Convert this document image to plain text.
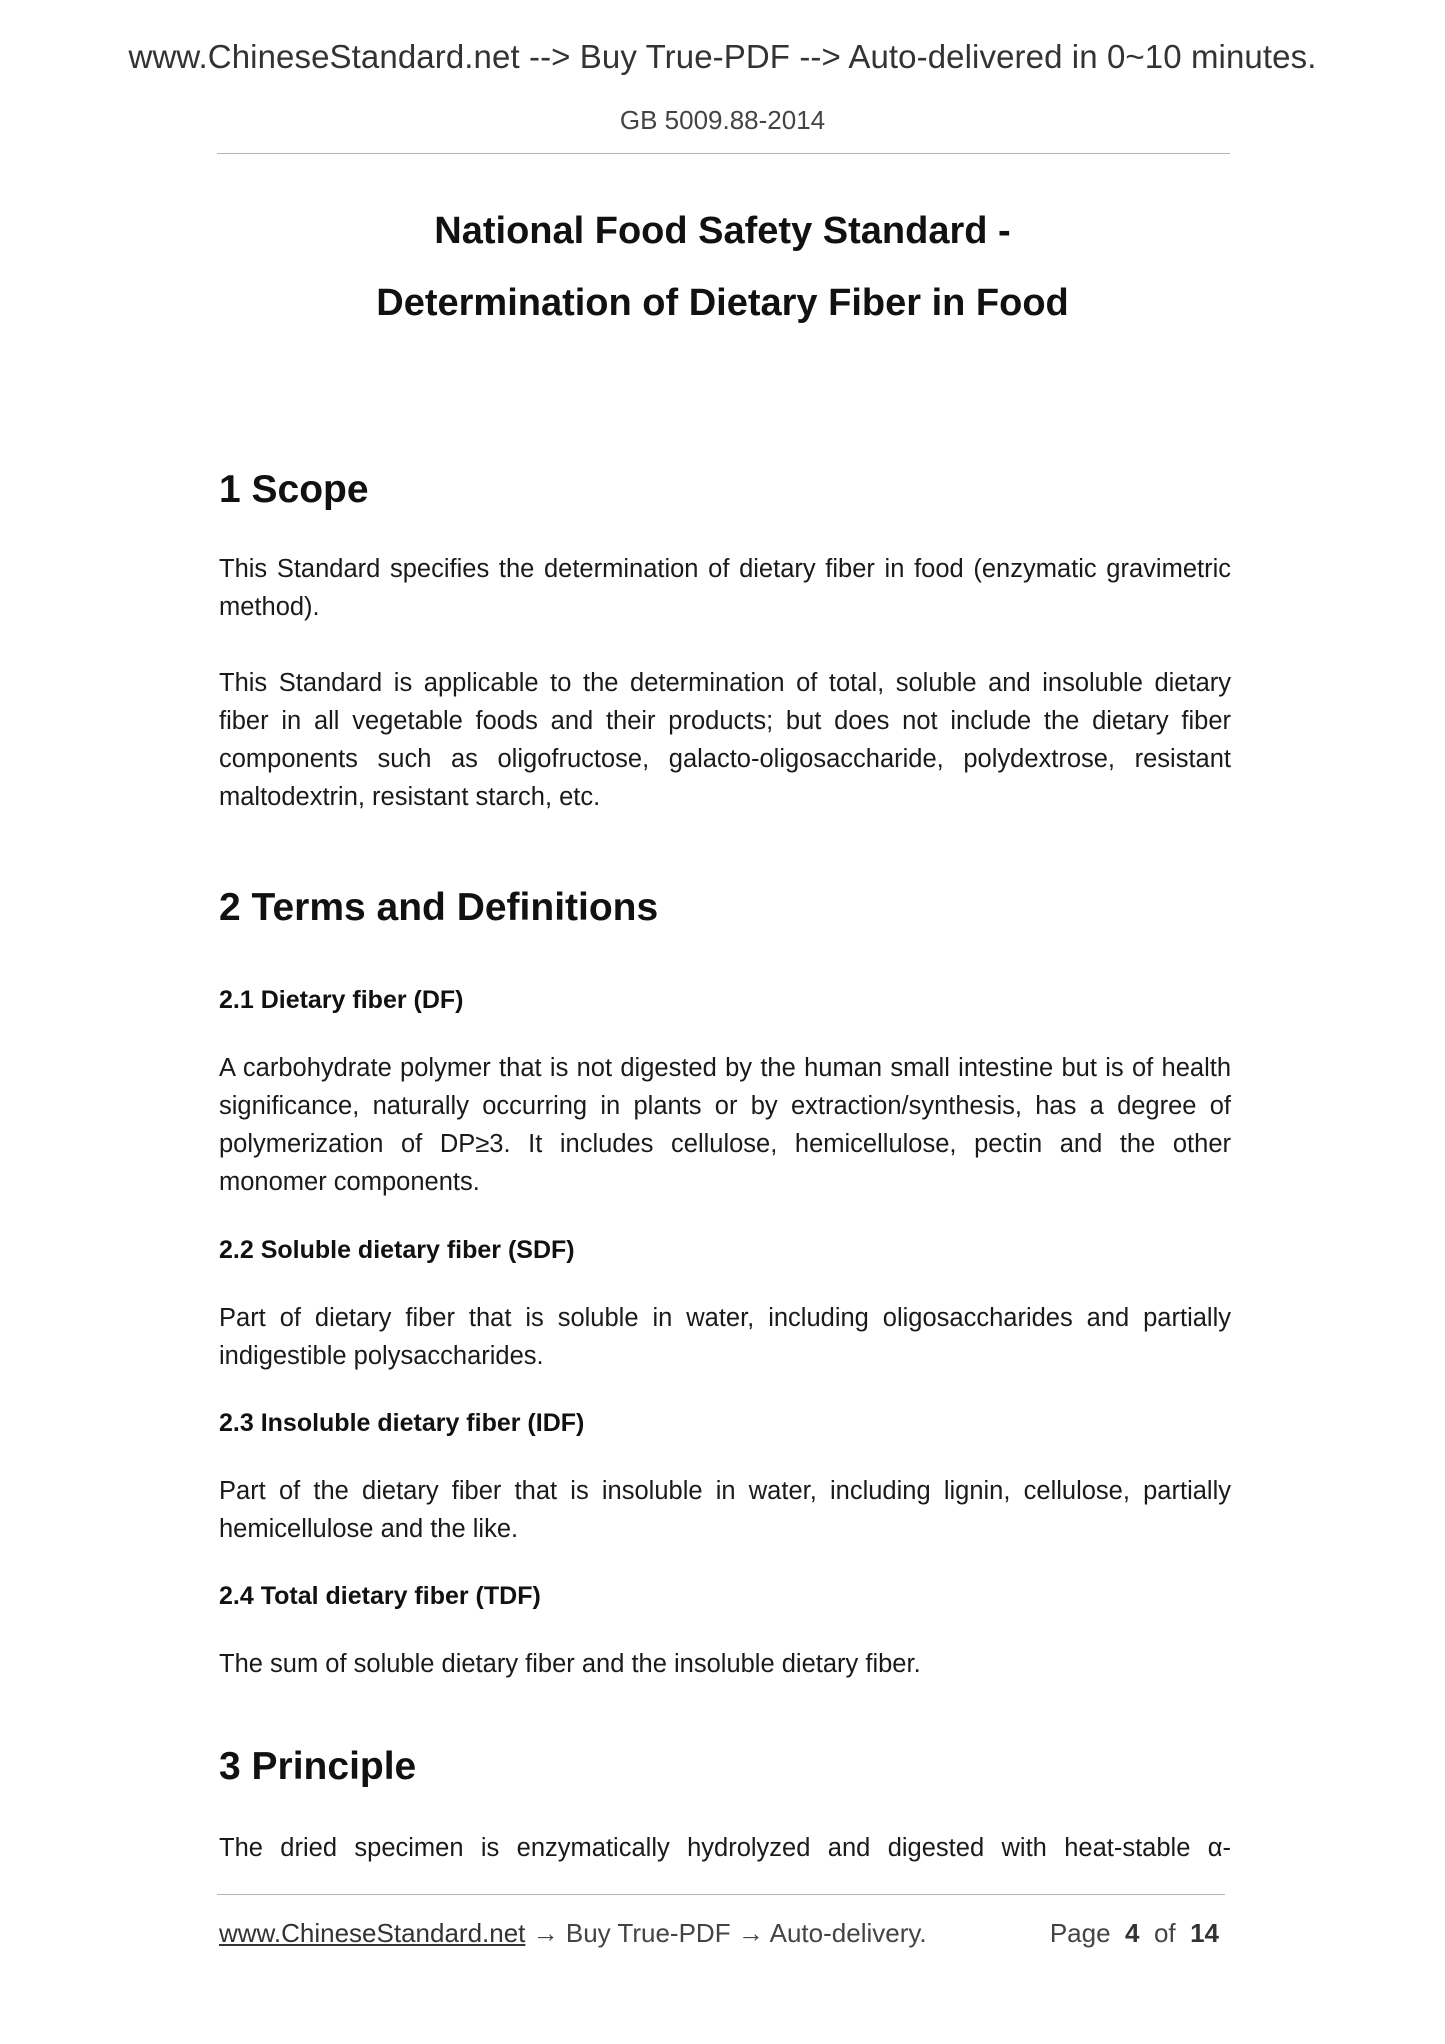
www.ChineseStandard.net --> Buy True-PDF --> Auto-delivered in 0~10 minutes.
GB 5009.88-2014
National Food Safety Standard -
Determination of Dietary Fiber in Food
1 Scope

This Standard specifies the determination of dietary fiber in food (enzymatic gravimetric method).

This Standard is applicable to the determination of total, soluble and insoluble dietary fiber in all vegetable foods and their products; but does not include the dietary fiber components such as oligofructose, galacto-oligosaccharide, polydextrose, resistant maltodextrin, resistant starch, etc.

2 Terms and Definitions
2.1 Dietary fiber (DF)

A carbohydrate polymer that is not digested by the human small intestine but is of health significance, naturally occurring in plants or by extraction/synthesis, has a degree of polymerization of DP≥3. It includes cellulose, hemicellulose, pectin and the other monomer components.

2.2 Soluble dietary fiber (SDF)

Part of dietary fiber that is soluble in water, including oligosaccharides and partially indigestible polysaccharides.

2.3 Insoluble dietary fiber (IDF)

Part of the dietary fiber that is insoluble in water, including lignin, cellulose, partially hemicellulose and the like.

2.4 Total dietary fiber (TDF)

The sum of soluble dietary fiber and the insoluble dietary fiber.

3 Principle

The dried specimen is enzymatically hydrolyzed and digested with heat-stable α-

www.ChineseStandard.net → Buy True-PDF → Auto-delivery.	Page 4 of 14
